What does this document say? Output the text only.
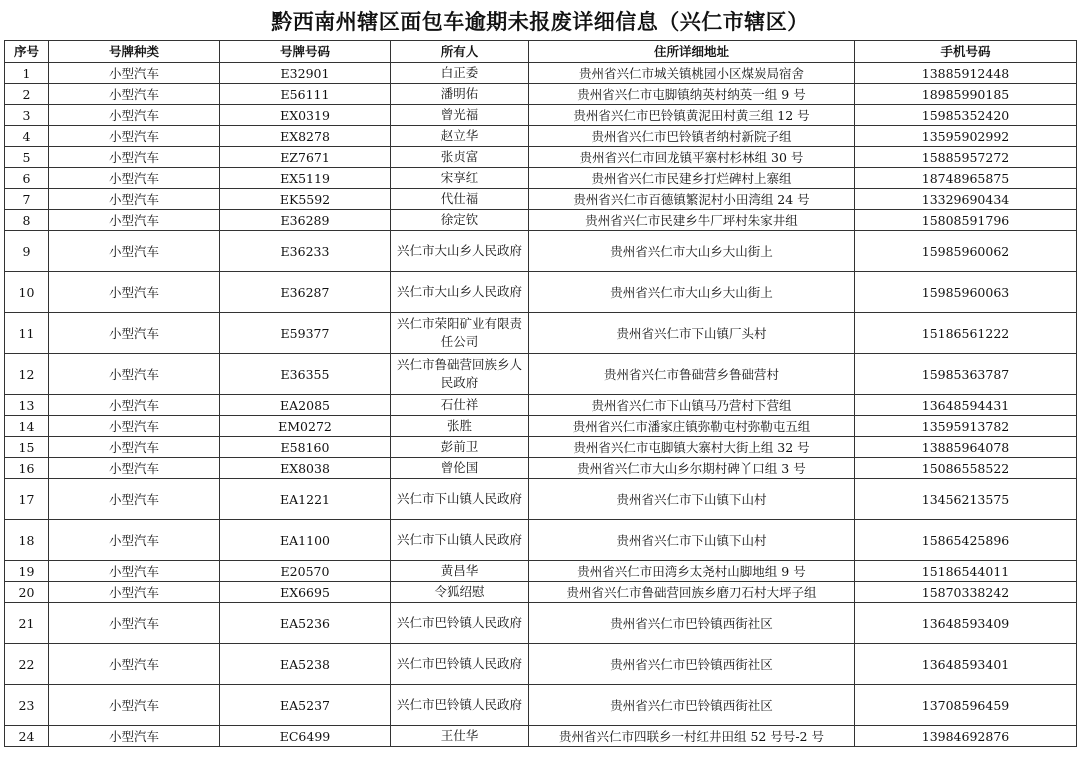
黔西南州辖区面包车逾期未报废详细信息（兴仁市辖区）
序号	号牌种类	号牌号码	所有人	住所详细地址	手机号码
1	小型汽车	E32901	白正委	贵州省兴仁市城关镇桃园小区煤炭局宿舍	13885912448
2	小型汽车	E56111	潘明佑	贵州省兴仁市屯脚镇纳英村纳英一组 9 号	18985990185
3	小型汽车	EX0319	曾光福	贵州省兴仁市巴铃镇黄泥田村黄三组 12 号	15985352420
4	小型汽车	EX8278	赵立华	贵州省兴仁市巴铃镇者纳村新院子组	13595902992
5	小型汽车	EZ7671	张贞富	贵州省兴仁市回龙镇平寨村杉林组 30 号	15885957272
6	小型汽车	EX5119	宋享红	贵州省兴仁市民建乡打烂碑村上寨组	18748965875
7	小型汽车	EK5592	代仕福	贵州省兴仁市百德镇繁泥村小田湾组 24 号	13329690434
8	小型汽车	E36289	徐定钦	贵州省兴仁市民建乡牛厂坪村朱家井组	15808591796
9	小型汽车	E36233	兴仁市大山乡人民政府	贵州省兴仁市大山乡大山街上	15985960062
10	小型汽车	E36287	兴仁市大山乡人民政府	贵州省兴仁市大山乡大山街上	15985960063
11	小型汽车	E59377	兴仁市荣阳矿业有限责任公司	贵州省兴仁市下山镇厂头村	15186561222
12	小型汽车	E36355	兴仁市鲁础营回族乡人民政府	贵州省兴仁市鲁础营乡鲁础营村	15985363787
13	小型汽车	EA2085	石仕祥	贵州省兴仁市下山镇马乃营村下营组	13648594431
14	小型汽车	EM0272	张胜	贵州省兴仁市潘家庄镇弥勒屯村弥勒屯五组	13595913782
15	小型汽车	E58160	彭前卫	贵州省兴仁市屯脚镇大寨村大街上组 32 号	13885964078
16	小型汽车	EX8038	曾伦国	贵州省兴仁市大山乡尔期村碑丫口组 3 号	15086558522
17	小型汽车	EA1221	兴仁市下山镇人民政府	贵州省兴仁市下山镇下山村	13456213575
18	小型汽车	EA1100	兴仁市下山镇人民政府	贵州省兴仁市下山镇下山村	15865425896
19	小型汽车	E20570	黄昌华	贵州省兴仁市田湾乡太尧村山脚地组 9 号	15186544011
20	小型汽车	EX6695	令狐绍慰	贵州省兴仁市鲁础营回族乡磨刀石村大坪子组	15870338242
21	小型汽车	EA5236	兴仁市巴铃镇人民政府	贵州省兴仁市巴铃镇西街社区	13648593409
22	小型汽车	EA5238	兴仁市巴铃镇人民政府	贵州省兴仁市巴铃镇西街社区	13648593401
23	小型汽车	EA5237	兴仁市巴铃镇人民政府	贵州省兴仁市巴铃镇西街社区	13708596459
24	小型汽车	EC6499	王仕华	贵州省兴仁市四联乡一村红井田组 52 号号-2 号	13984692876
